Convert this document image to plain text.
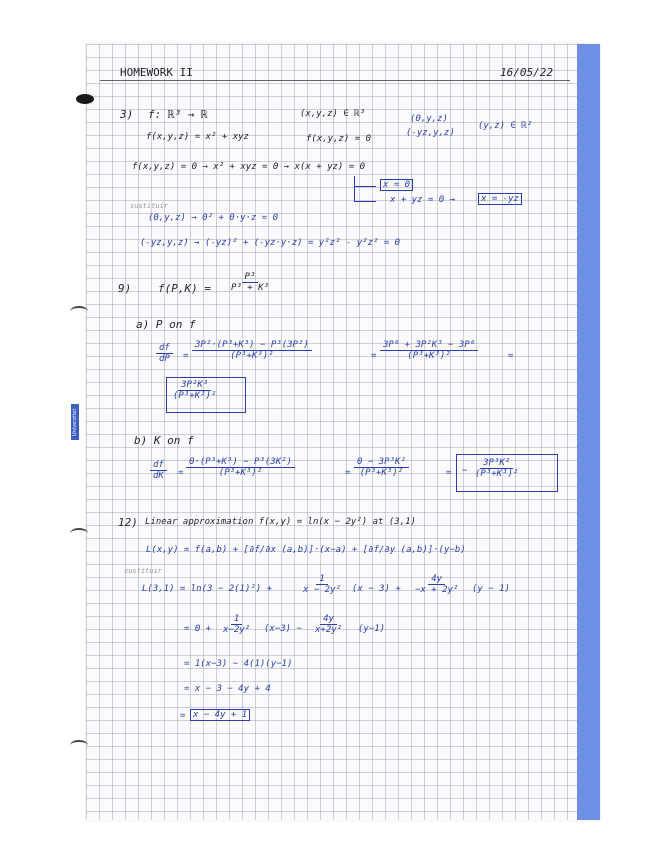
Univerzitet
HOMEWORK II	16/05/22
3) f: ℝ³ → ℝ	(x,y,z) ∈ ℝ³	(0,y,z)
(-yz,y,z)
(y,z) ∈ ℝ²
f(x,y,z) = x² + xyz	f(x,y,z) = 0
f(x,y,z) = 0 → x² + xyz = 0 → x(x + yz) = 0
x = 0
x + yz = 0 →	x = -yz
sustituir
(0,y,z) → 0² + 0·y·z = 0
(-yz,y,z) → (-yz)² + (-yz·y·z) = y²z² - y²z² = 0
9) $f(P,K) = \frac{\text{P³}}{\text{P³ + K³}}$
a) P on f
$\frac{df}{dP} = \frac{\text{3P²·(P³+K³) − P³(3P²)}}{\text{(P³+K³)²}}$	= $\frac{\text{3P⁶ + 3P²K³ − 3P⁶}}{\text{(P³+K³)²}}$	=
$\frac{\text{3P²K³}}{\text{(P³+K³)²}}$
b) K on f
$\frac{df}{dK} = \frac{\text{0·(P³+K³) − P³(3K²)}}{\text{(P³+K³)²}}$	= $\frac{\text{0 − 3P³K²}}{\text{(P³+K³)²}}$	= − $\frac{\text{3P³K²}}{\text{(P³+K³)²}}$
12) Linear approximation f(x,y) = ln(x − 2y²) at (3,1)
L(x,y) = f(a,b) + [∂f/∂x (a,b)]·(x−a) + [∂f/∂y (a,b)]·(y−b)
sustituir
L(3,1) = ln(3 − 2(1)²) +	$\frac{1}{\text{x − 2y²}} (x - 3) + \frac{4y}{\text{−x + 2y²}} (y - 1)$
= $0 + \frac{1}{\text{x−2y²}} (x-3) - \frac{4y}{\text{x+2y²}} (y-1)$
= 1(x−3) − 4(1)(y−1)
= x − 3 − 4y + 4
= x − 4y + 1
